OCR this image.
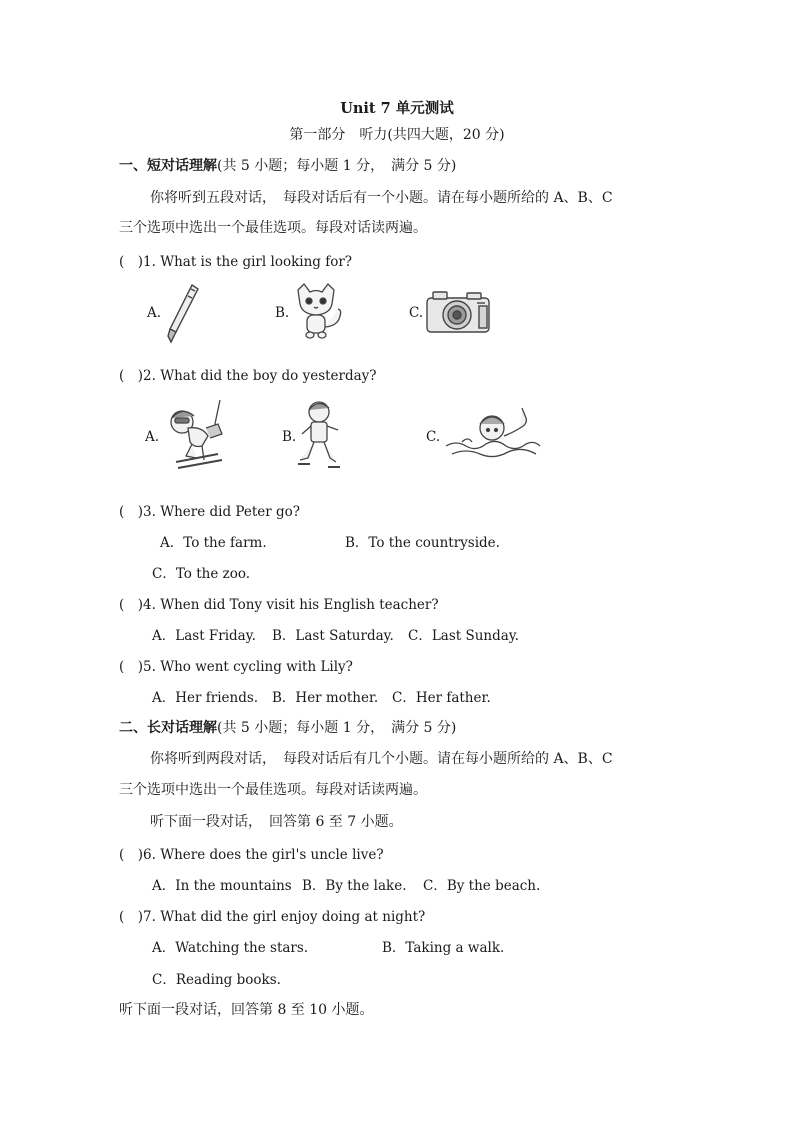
Unit 7 单元测试
第一部分　听力(共四大题，20 分)
一、短对话理解(共 5 小题；每小题 1 分，　满分 5 分)
你将听到五段对话，　每段对话后有一个小题。请在每小题所给的 A、B、C
三个选项中选出一个最佳选项。每段对话读两遍。
(　)1. What is the girl looking for?
A.	B.	C.
(　)2. What did the boy do yesterday?
A.	B.	C.
(　)3. Where did Peter go?
A．To the farm.	B．To the countryside.
C．To the zoo.
(　)4. When did Tony visit his English teacher?
A．Last Friday. B．Last Saturday. C．Last Sunday.
(　)5. Who went cycling with Lily?
A．Her friends. B．Her mother. C．Her father.
二、长对话理解(共 5 小题；每小题 1 分，　满分 5 分)
你将听到两段对话，　每段对话后有几个小题。请在每小题所给的 A、B、C
三个选项中选出一个最佳选项。每段对话读两遍。
听下面一段对话，　回答第 6 至 7 小题。
(　)6. Where does the girl's uncle live?
A．In the mountains B．By the lake. C．By the beach.
(　)7. What did the girl enjoy doing at night?
A．Watching the stars.	B．Taking a walk.
C．Reading books.
听下面一段对话，回答第 8 至 10 小题。
